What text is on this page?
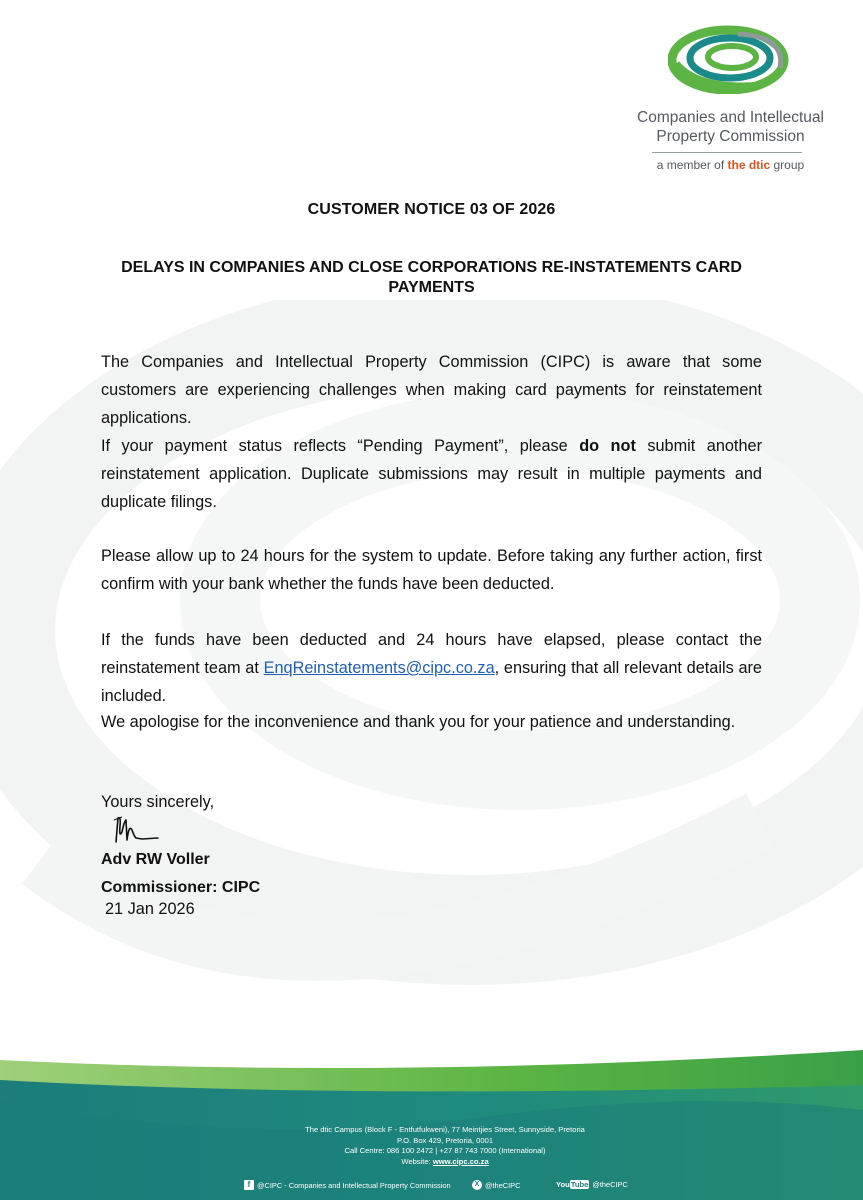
Companies and Intellectual
Property Commission
a member of the dtic group
CUSTOMER NOTICE 03 OF 2026
DELAYS IN COMPANIES AND CLOSE CORPORATIONS RE-INSTATEMENTS CARD
PAYMENTS

The Companies and Intellectual Property Commission (CIPC) is aware that some customers are experiencing challenges when making card payments for reinstatement applications.

If your payment status reflects “Pending Payment”, please do not submit another reinstatement application. Duplicate submissions may result in multiple payments and duplicate filings.

Please allow up to 24 hours for the system to update. Before taking any further action, first confirm with your bank whether the funds have been deducted.

If the funds have been deducted and 24 hours have elapsed, please contact the reinstatement team at EnqReinstatements@cipc.co.za, ensuring that all relevant details are included.

We apologise for the inconvenience and thank you for your patience and understanding.

Yours sincerely,
Adv RW Voller
Commissioner: CIPC
21 Jan 2026
The dtic Campus (Block F - Entfutfukweni), 77 Meintjies Street, Sunnyside, Pretoria
P.O. Box 429, Pretoria, 0001
Call Centre: 086 100 2472 | +27 87 743 7000 (International)
Website: www.cipc.co.za
f @CIPC - Companies and Intellectual Property Commission	X @theCIPC	YouTube @theCIPC
